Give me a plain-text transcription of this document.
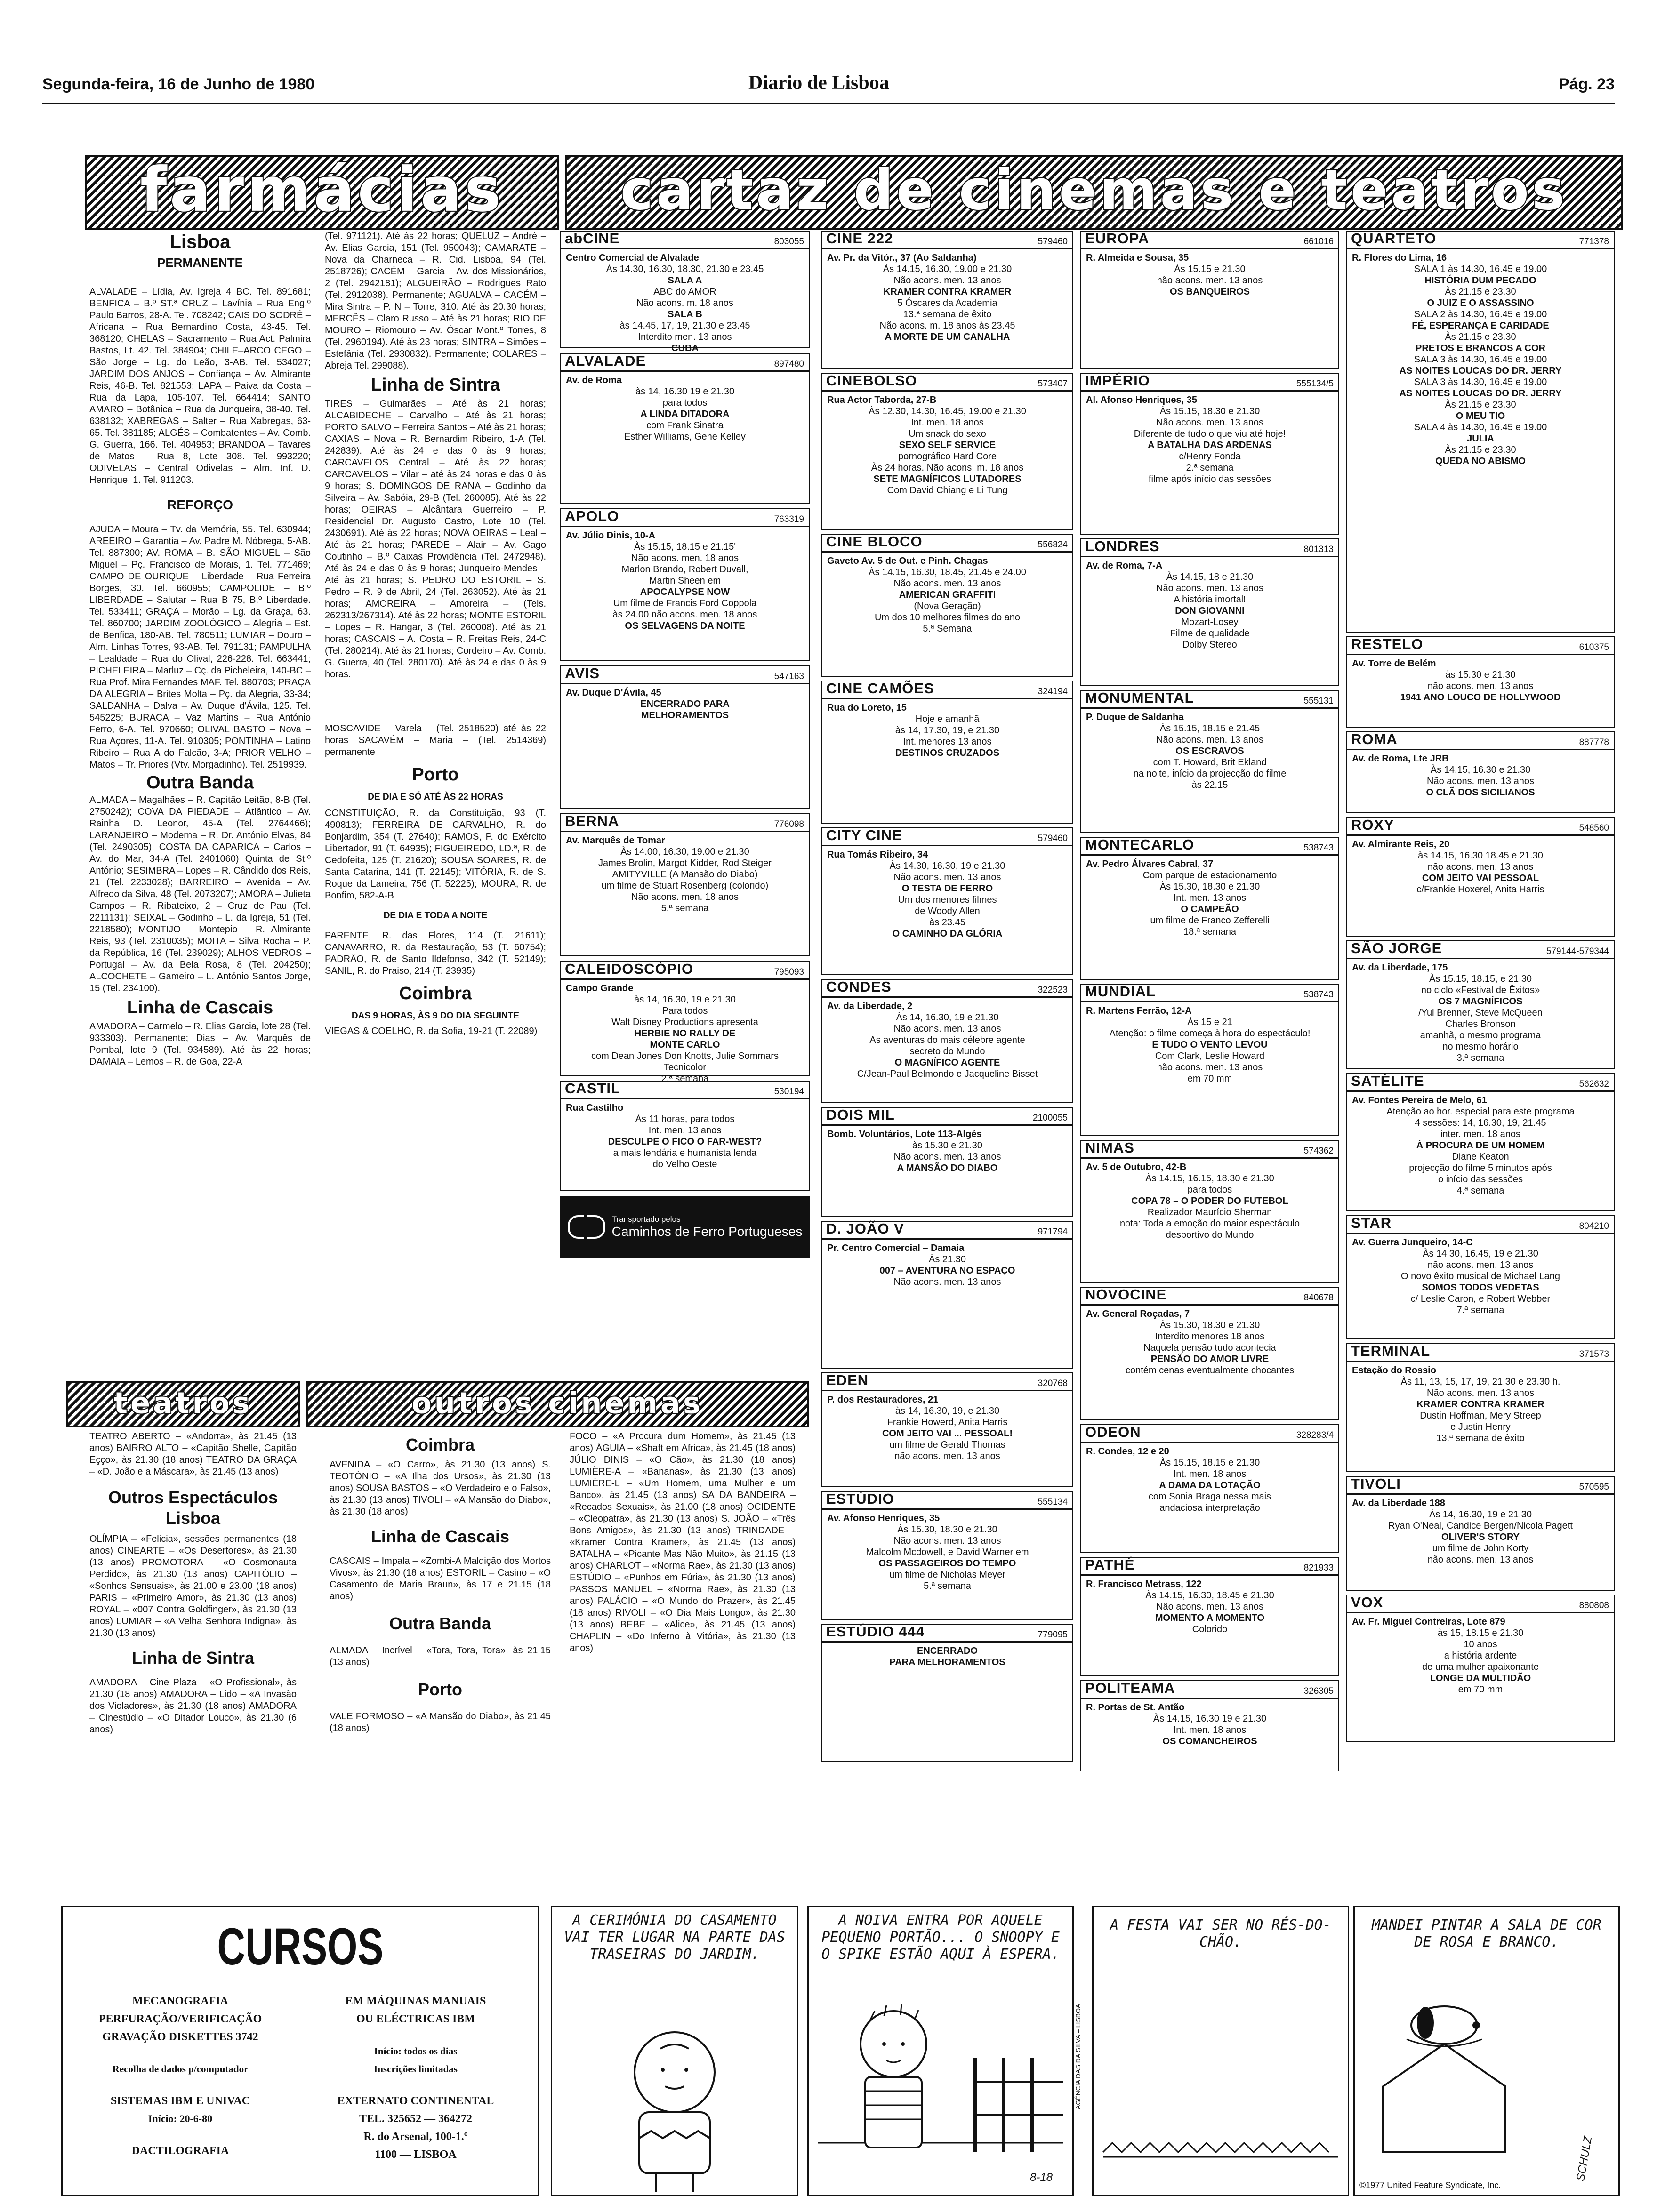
Segunda-feira, 16 de Junho de 1980	Diario de Lisboa	Pág. 23
farmácias cartaz de cinemas e teatros
teatros	outros cinemas

Lisboa

PERMANENTE

ALVALADE – Lídia, Av. Igreja 4 BC. Tel. 891681; BENFICA – B.º ST.ª CRUZ – Lavínia – Rua Eng.º Paulo Barros, 28-A. Tel. 708242; CAIS DO SODRÉ – Africana – Rua Bernardino Costa, 43-45. Tel. 368120; CHELAS – Sacramento – Rua Act. Palmira Bastos, Lt. 42. Tel. 384904; CHILE–ARCO CEGO – São Jorge – Lg. do Leão, 3-AB. Tel. 534027; JARDIM DOS ANJOS – Confiança – Av. Almirante Reis, 46-B. Tel. 821553; LAPA – Paiva da Costa – Rua da Lapa, 105-107. Tel. 664414; SANTO AMARO – Botânica – Rua da Junqueira, 38-40. Tel. 638132; XABREGAS – Salter – Rua Xabregas, 63-65. Tel. 381185; ALGÉS – Combatentes – Av. Comb. G. Guerra, 166. Tel. 404953; BRANDOA – Tavares de Matos – Rua 8, Lote 308. Tel. 993220; ODIVELAS – Central Odivelas – Alm. Inf. D. Henrique, 1. Tel. 911203.

REFORÇO

AJUDA – Moura – Tv. da Memória, 55. Tel. 630944; AREEIRO – Garantia – Av. Padre M. Nóbrega, 5-AB. Tel. 887300; AV. ROMA – B. SÃO MIGUEL – São Miguel – Pç. Francisco de Morais, 1. Tel. 771469; CAMPO DE OURIQUE – Liberdade – Rua Ferreira Borges, 30. Tel. 660955; CAMPOLIDE – B.º LIBERDADE – Salutar – Rua B 75, B.º Liberdade. Tel. 533411; GRAÇA – Morão – Lg. da Graça, 63. Tel. 860700; JARDIM ZOOLÓGICO – Alegria – Est. de Benfica, 180-AB. Tel. 780511; LUMIAR – Douro – Alm. Linhas Torres, 93-AB. Tel. 791131; PAMPULHA – Lealdade – Rua do Olival, 226-228. Tel. 663441; PICHELEIRA – Marluz – Cç. da Picheleira, 140-BC – Rua Prof. Mira Fernandes MAF. Tel. 880703; PRAÇA DA ALEGRIA – Brites Molta – Pç. da Alegria, 33-34; SALDANHA – Dalva – Av. Duque d'Ávila, 125. Tel. 545225; BURACA – Vaz Martins – Rua António Ferro, 6-A. Tel. 970660; OLIVAL BASTO – Nova – Rua Açores, 11-A. Tel. 910305; PONTINHA – Latino Ribeiro – Rua A do Falcão, 3-A; PRIOR VELHO – Matos – Tr. Priores (Vtv. Morgadinho). Tel. 2519939.

Outra Banda

ALMADA – Magalhães – R. Capitão Leitão, 8-B (Tel. 2750242); COVA DA PIEDADE – Atlântico – Av. Rainha D. Leonor, 45-A (Tel. 2764466); LARANJEIRO – Moderna – R. Dr. António Elvas, 84 (Tel. 2490305); COSTA DA CAPARICA – Carlos – Av. do Mar, 34-A (Tel. 2401060) Quinta de St.º António; SESIMBRA – Lopes – R. Cândido dos Reis, 21 (Tel. 2233028); BARREIRO – Avenida – Av. Alfredo da Silva, 48 (Tel. 2073207); AMORA – Julieta Campos – R. Ribateixo, 2 – Cruz de Pau (Tel. 2211131); SEIXAL – Godinho – L. da Igreja, 51 (Tel. 2218580); MONTIJO – Montepio – R. Almirante Reis, 93 (Tel. 2310035); MOITA – Silva Rocha – P. da República, 16 (Tel. 239029); ALHOS VEDROS – Portugal – Av. da Bela Rosa, 8 (Tel. 204250); ALCOCHETE – Gameiro – L. António Santos Jorge, 15 (Tel. 234100).

Linha de Cascais

AMADORA – Carmelo – R. Elias Garcia, lote 28 (Tel. 933303). Permanente; Dias – Av. Marquês de Pombal, lote 9 (Tel. 934589). Até às 22 horas; DAMAIA – Lemos – R. de Goa, 22-A

(Tel. 971121). Até às 22 horas; QUELUZ – André – Av. Elias Garcia, 151 (Tel. 950043); CAMARATE – Nova da Charneca – R. Cid. Lisboa, 94 (Tel. 2518726); CACÉM – Garcia – Av. dos Missionários, 2 (Tel. 2942181); ALGUEIRÃO – Rodrigues Rato (Tel. 2912038). Permanente; AGUALVA – CACÉM – Mira Sintra – P. N – Torre, 310. Até às 20.30 horas; MERCÊS – Claro Russo – Até às 21 horas; RIO DE MOURO – Riomouro – Av. Óscar Mont.º Torres, 8 (Tel. 2960194). Até às 23 horas; SINTRA – Simões – Estefânia (Tel. 2930832). Permanente; COLARES – Abreja Tel. 299088).

Linha de Sintra

TIRES – Guimarães – Até às 21 horas; ALCABIDECHE – Carvalho – Até às 21 horas; PORTO SALVO – Ferreira Santos – Até às 21 horas; CAXIAS – Nova – R. Bernardim Ribeiro, 1-A (Tel. 242839). Até às 24 e das 0 às 9 horas; CARCAVELOS Central – Até às 22 horas; CARCAVELOS – Vilar – até às 24 horas e das 0 às 9 horas; S. DOMINGOS DE RANA – Godinho da Silveira – Av. Sabóia, 29-B (Tel. 260085). Até às 22 horas; OEIRAS – Alcântara Guerreiro – P. Residencial Dr. Augusto Castro, Lote 10 (Tel. 2430691). Até às 22 horas; NOVA OEIRAS – Leal – Até às 21 horas; PAREDE – Alair – Av. Gago Coutinho – B.º Caixas Providência (Tel. 2472948). Até às 24 e das 0 às 9 horas; Junqueiro-Mendes – Até às 21 horas; S. PEDRO DO ESTORIL – S. Pedro – R. 9 de Abril, 24 (Tel. 263052). Até às 21 horas; AMOREIRA – Amoreira – (Tels. 262313/267314). Até às 22 horas; MONTE ESTORIL – Lopes – R. Hangar, 3 (Tel. 260008). Até às 21 horas; CASCAIS – A. Costa – R. Freitas Reis, 24-C (Tel. 280214). Até às 21 horas; Cordeiro – Av. Comb. G. Guerra, 40 (Tel. 280170). Até às 24 e das 0 às 9 horas.

MOSCAVIDE – Varela – (Tel. 2518520) até às 22 horas SACAVÉM – Maria – (Tel. 2514369) permanente

Porto

DE DIA E SÓ ATÉ ÀS 22 HORAS

CONSTITUIÇÃO, R. da Constituição, 93 (T. 490813); FERREIRA DE CARVALHO, R. do Bonjardim, 354 (T. 27640); RAMOS, P. do Exército Libertador, 91 (T. 64935); FIGUEIREDO, LD.ª, R. de Cedofeita, 125 (T. 21620); SOUSA SOARES, R. de Santa Catarina, 141 (T. 22145); VITÓRIA, R. de S. Roque da Lameira, 756 (T. 52225); MOURA, R. de Bonfim, 582-A-B

DE DIA E TODA A NOITE

PARENTE, R. das Flores, 114 (T. 21611); CANAVARRO, R. da Restauração, 53 (T. 60754); PADRÃO, R. de Santo Ildefonso, 342 (T. 52149); SANIL, R. do Praiso, 214 (T. 23935)

Coimbra

DAS 9 HORAS, ÀS 9 DO DIA SEGUINTE

VIEGAS & COELHO, R. da Sofia, 19-21 (T. 22089)

abCINE	803055
Centro Comercial de Alvalade
Às 14.30, 16.30, 18.30, 21.30 e 23.45
SALA A
ABC do AMOR
Não acons. m. 18 anos
SALA B
às 14.45, 17, 19, 21.30 e 23.45
Interdito men. 13 anos
CUBA
ALVALADE	897480
Av. de Roma
às 14, 16.30 19 e 21.30
para todos
A LINDA DITADORA
com Frank Sinatra
Esther Williams, Gene Kelley
APOLO	763319
Av. Júlio Dinis, 10-A
Às 15.15, 18.15 e 21.15'
Não acons. men. 18 anos
Marlon Brando, Robert Duvall,
Martin Sheen em
APOCALYPSE NOW
Um filme de Francis Ford Coppola
às 24.00 não acons. men. 18 anos
OS SELVAGENS DA NOITE
AVIS	547163
Av. Duque D'Ávila, 45
ENCERRADO PARA
MELHORAMENTOS
BERNA	776098
Av. Marquês de Tomar
Às 14.00, 16.30, 19.00 e 21.30
James Brolin, Margot Kidder, Rod Steiger
AMITYVILLE (A Mansão do Diabo)
um filme de Stuart Rosenberg (colorido)
Não acons. men. 18 anos
5.ª semana
CALEIDOSCÓPIO	795093
Campo Grande
às 14, 16.30, 19 e 21.30
Para todos
Walt Disney Productions apresenta
HERBIE NO RALLY DE
MONTE CARLO
com Dean Jones Don Knotts, Julie Sommars
Tecnicolor
2.ª semana
CASTIL	530194
Rua Castilho
Às 11 horas, para todos
Int. men. 13 anos
DESCULPE O FICO O FAR-WEST?
a mais lendária e humanista lenda
do Velho Oeste
Transportado pelos
Caminhos de Ferro Portugueses
CINE 222	579460
Av. Pr. da Vitór., 37 (Ao Saldanha)
Às 14.15, 16.30, 19.00 e 21.30
Não acons. men. 13 anos
KRAMER CONTRA KRAMER
5 Óscares da Academia
13.ª semana de êxito
Não acons. m. 18 anos às 23.45
A MORTE DE UM CANALHA
CINEBOLSO	573407
Rua Actor Taborda, 27-B
Às 12.30, 14.30, 16.45, 19.00 e 21.30
Int. men. 18 anos
Um snack do sexo
SEXO SELF SERVICE
pornográfico Hard Core
Às 24 horas. Não acons. m. 18 anos
SETE MAGNÍFICOS LUTADORES
Com David Chiang e Li Tung
CINE BLOCO	556824
Gaveto Av. 5 de Out. e Pinh. Chagas
Às 14.15, 16.30, 18.45, 21.45 e 24.00
Não acons. men. 13 anos
AMERICAN GRAFFITI
(Nova Geração)
Um dos 10 melhores filmes do ano
5.ª Semana
CINE CAMÕES	324194
Rua do Loreto, 15
Hoje e amanhã
às 14, 17.30, 19, e 21.30
Int. menores 13 anos
DESTINOS CRUZADOS
CITY CINE	579460
Rua Tomás Ribeiro, 34
Às 14.30, 16.30, 19 e 21.30
Não acons. men. 13 anos
O TESTA DE FERRO
Um dos menores filmes
de Woody Allen
às 23.45
O CAMINHO DA GLÓRIA
CONDES	322523
Av. da Liberdade, 2
Às 14, 16.30, 19 e 21.30
Não acons. men. 13 anos
As aventuras do mais célebre agente
secreto do Mundo
O MAGNÍFICO AGENTE
C/Jean-Paul Belmondo e Jacqueline Bisset
DOIS MIL	2100055
Bomb. Voluntários, Lote 113-Algés
às 15.30 e 21.30
Não acons. men. 13 anos
A MANSÃO DO DIABO
D. JOÃO V	971794
Pr. Centro Comercial – Damaia
Às 21.30
007 – AVENTURA NO ESPAÇO
Não acons. men. 13 anos
EDEN	320768
P. dos Restauradores, 21
às 14, 16.30, 19, e 21.30
Frankie Howerd, Anita Harris
COM JEITO VAI ... PESSOAL!
um filme de Gerald Thomas
não acons. men. 13 anos
ESTÚDIO	555134
Av. Afonso Henriques, 35
Às 15.30, 18.30 e 21.30
Não acons. men. 13 anos
Malcolm Mcdowell, e David Warner em
OS PASSAGEIROS DO TEMPO
um filme de Nicholas Meyer
5.ª semana
ESTÚDIO 444	779095
ENCERRADO
PARA MELHORAMENTOS
EUROPA	661016
R. Almeida e Sousa, 35
Às 15.15 e 21.30
não acons. men. 13 anos
OS BANQUEIROS
IMPÉRIO	555134/5
Al. Afonso Henriques, 35
Às 15.15, 18.30 e 21.30
Não acons. men. 13 anos
Diferente de tudo o que viu até hoje!
A BATALHA DAS ARDENAS
c/Henry Fonda
2.ª semana
filme após início das sessões
LONDRES	801313
Av. de Roma, 7-A
Às 14.15, 18 e 21.30
Não acons. men. 13 anos
A história imortal!
DON GIOVANNI
Mozart-Losey
Filme de qualidade
Dolby Stereo
MONUMENTAL	555131
P. Duque de Saldanha
Às 15.15, 18.15 e 21.45
Não acons. men. 13 anos
OS ESCRAVOS
com T. Howard, Brit Ekland
na noite, início da projecção do filme
às 22.15
MONTECARLO	538743
Av. Pedro Álvares Cabral, 37
Com parque de estacionamento
Às 15.30, 18.30 e 21.30
Int. men. 13 anos
O CAMPEÃO
um filme de Franco Zefferelli
18.ª semana
MUNDIAL	538743
R. Martens Ferrão, 12-A
Às 15 e 21
Atenção: o filme começa à hora do espectáculo!
E TUDO O VENTO LEVOU
Com Clark, Leslie Howard
não acons. men. 13 anos
em 70 mm
NIMAS	574362
Av. 5 de Outubro, 42-B
Às 14.15, 16.15, 18.30 e 21.30
para todos
COPA 78 – O PODER DO FUTEBOL
Realizador Maurício Sherman
nota: Toda a emoção do maior espectáculo
desportivo do Mundo
NOVOCINE	840678
Av. General Roçadas, 7
Às 15.30, 18.30 e 21.30
Interdito menores 18 anos
Naquela pensão tudo acontecia
PENSÃO DO AMOR LIVRE
contém cenas eventualmente chocantes
ODEON	328283/4
R. Condes, 12 e 20
Às 15.15, 18.15 e 21.30
Int. men. 18 anos
A DAMA DA LOTAÇÃO
com Sonia Braga nessa mais
andaciosa interpretação
PATHÉ	821933
R. Francisco Metrass, 122
Às 14.15, 16.30, 18.45 e 21.30
Não acons. men. 13 anos
MOMENTO A MOMENTO
Colorido
POLITEAMA	326305
R. Portas de St. Antão
Às 14.15, 16.30 19 e 21.30
Int. men. 18 anos
OS COMANCHEIROS
QUARTETO	771378
R. Flores do Lima, 16
SALA 1 às 14.30, 16.45 e 19.00
HISTÓRIA DUM PECADO
Às 21.15 e 23.30
O JUIZ E O ASSASSINO
SALA 2 às 14.30, 16.45 e 19.00
FÉ, ESPERANÇA E CARIDADE
Às 21.15 e 23.30
PRETOS E BRANCOS A COR
SALA 3 às 14.30, 16.45 e 19.00
AS NOITES LOUCAS DO DR. JERRY
SALA 3 às 14.30, 16.45 e 19.00
AS NOITES LOUCAS DO DR. JERRY
Às 21.15 e 23.30
O MEU TIO
SALA 4 às 14.30, 16.45 e 19.00
JULIA
Às 21.15 e 23.30
QUEDA NO ABISMO
RESTELO	610375
Av. Torre de Belém
às 15.30 e 21.30
não acons. men. 13 anos
1941 ANO LOUCO DE HOLLYWOOD
ROMA	887778
Av. de Roma, Lte JRB
Às 14.15, 16.30 e 21.30
Não acons. men. 13 anos
O CLÃ DOS SICILIANOS
ROXY	548560
Av. Almirante Reis, 20
às 14.15, 16.30 18.45 e 21.30
não acons. men. 13 anos
COM JEITO VAI PESSOAL
c/Frankie Hoxerel, Anita Harris
SÃO JORGE	579144-579344
Av. da Liberdade, 175
Às 15.15, 18.15, e 21.30
no ciclo «Festival de Êxitos»
OS 7 MAGNÍFICOS
/Yul Brenner, Steve McQueen
Charles Bronson
amanhã, o mesmo programa
no mesmo horário
3.ª semana
SATÉLITE	562632
Av. Fontes Pereira de Melo, 61
Atenção ao hor. especial para este programa
4 sessões: 14, 16.30, 19, 21.45
inter. men. 18 anos
À PROCURA DE UM HOMEM
Diane Keaton
projecção do filme 5 minutos após
o início das sessões
4.ª semana
STAR	804210
Av. Guerra Junqueiro, 14-C
Às 14.30, 16.45, 19 e 21.30
não acons. men. 13 anos
O novo êxito musical de Michael Lang
SOMOS TODOS VEDETAS
c/ Leslie Caron, e Robert Webber
7.ª semana
TERMINAL	371573
Estação do Rossio
Às 11, 13, 15, 17, 19, 21.30 e 23.30 h.
Não acons. men. 13 anos
KRAMER CONTRA KRAMER
Dustin Hoffman, Mery Streep
e Justin Henry
13.ª semana de êxito
TIVOLI	570595
Av. da Liberdade 188
Às 14, 16.30, 19 e 21.30
Ryan O'Neal, Candice Bergen/Nicola Pagett
OLIVER'S STORY
um filme de John Korty
não acons. men. 13 anos
VOX	880808
Av. Fr. Miguel Contreiras, Lote 879
às 15, 18.15 e 21.30
10 anos
a história ardente
de uma mulher apaixonante
LONGE DA MULTIDÃO
em 70 mm

TEATRO ABERTO – «Andorra», às 21.45 (13 anos) BAIRRO ALTO – «Capitão Shelle, Capitão Eçço», às 21.30 (18 anos) TEATRO DA GRAÇA – «D. João e a Máscara», às 21.45 (13 anos)

Outros Espectáculos Lisboa

OLÍMPIA – «Felicia», sessões permanentes (18 anos) CINEARTE – «Os Desertores», às 21.30 (13 anos) PROMOTORA – «O Cosmonauta Perdido», às 21.30 (13 anos) CAPITÓLIO – «Sonhos Sensuais», às 21.00 e 23.00 (18 anos) PARIS – «Primeiro Amor», às 21.30 (13 anos) ROYAL – «007 Contra Goldfinger», às 21.30 (13 anos) LUMIAR – «A Velha Senhora Indigna», às 21.30 (13 anos)

Linha de Sintra

AMADORA – Cine Plaza – «O Profissional», às 21.30 (18 anos) AMADORA – Lido – «A Invasão dos Violadores», às 21.30 (18 anos) AMADORA – Cinestúdio – «O Ditador Louco», às 21.30 (6 anos)

Coimbra

AVENIDA – «O Carro», às 21.30 (13 anos) S. TEOTÓNIO – «A Ilha dos Ursos», às 21.30 (13 anos) SOUSA BASTOS – «O Verdadeiro e o Falso», às 21.30 (13 anos) TIVOLI – «A Mansão do Diabo», às 21.30 (18 anos)

Linha de Cascais

CASCAIS – Impala – «Zombi-A Maldição dos Mortos Vivos», às 21.30 (18 anos) ESTORIL – Casino – «O Casamento de Maria Braun», às 17 e 21.15 (18 anos)

Outra Banda

ALMADA – Incrível – «Tora, Tora, Tora», às 21.15 (13 anos)

Porto

VALE FORMOSO – «A Mansão do Diabo», às 21.45 (18 anos)

FOCO – «A Procura dum Homem», às 21.45 (13 anos) ÁGUIA – «Shaft em Africa», às 21.45 (18 anos) JÚLIO DINIS – «O Cão», às 21.30 (18 anos) LUMIÈRE-A – «Bananas», às 21.30 (13 anos) LUMIÈRE-L – «Um Homem, uma Mulher e um Banco», às 21.45 (13 anos) SA DA BANDEIRA – «Recados Sexuais», às 21.00 (18 anos) OCIDENTE – «Cleopatra», às 21.30 (13 anos) S. JOÃO – «Três Bons Amigos», às 21.30 (13 anos) TRINDADE – «Kramer Contra Kramer», às 21.45 (13 anos) BATALHA – «Picante Mas Não Muito», às 21.15 (13 anos) CHARLOT – «Norma Rae», às 21.30 (13 anos) ESTÚDIO – «Punhos em Fúria», às 21.30 (13 anos) PASSOS MANUEL – «Norma Rae», às 21.30 (13 anos) PALÁCIO – «O Mundo do Prazer», às 21.45 (18 anos) RIVOLI – «O Dia Mais Longo», às 21.30 (13 anos) BEBE – «Alice», às 21.45 (13 anos) CHAPLIN – «Do Inferno à Vitória», às 21.30 (13 anos)

CURSOS
MECANOGRAFIA
PERFURAÇÃO/VERIFICAÇÃO
GRAVAÇÃO DISKETTES 3742
Recolha de dados p/computador
SISTEMAS IBM E UNIVAC
Início: 20-6-80
DACTILOGRAFIA
EM MÁQUINAS MANUAIS
OU ELÉCTRICAS IBM
Início: todos os dias
Inscrições limitadas
EXTERNATO CONTINENTAL
TEL. 325652 — 364272
R. do Arsenal, 100-1.º
1100 — LISBOA
A CERIMÓNIA DO CASAMENTO VAI TER LUGAR NA PARTE DAS TRASEIRAS DO JARDIM.
A NOIVA ENTRA POR AQUELE PEQUENO PORTÃO... O SNOOPY E O SPIKE ESTÃO AQUI À ESPERA.
8-18
AGÊNCIA DAS DA SILVA – LISBOA
A FESTA VAI SER NO RÉS-DO-CHÃO.
MANDEI PINTAR A SALA DE COR DE ROSA E BRANCO.
SCHULZ
©1977 United Feature Syndicate, Inc.
